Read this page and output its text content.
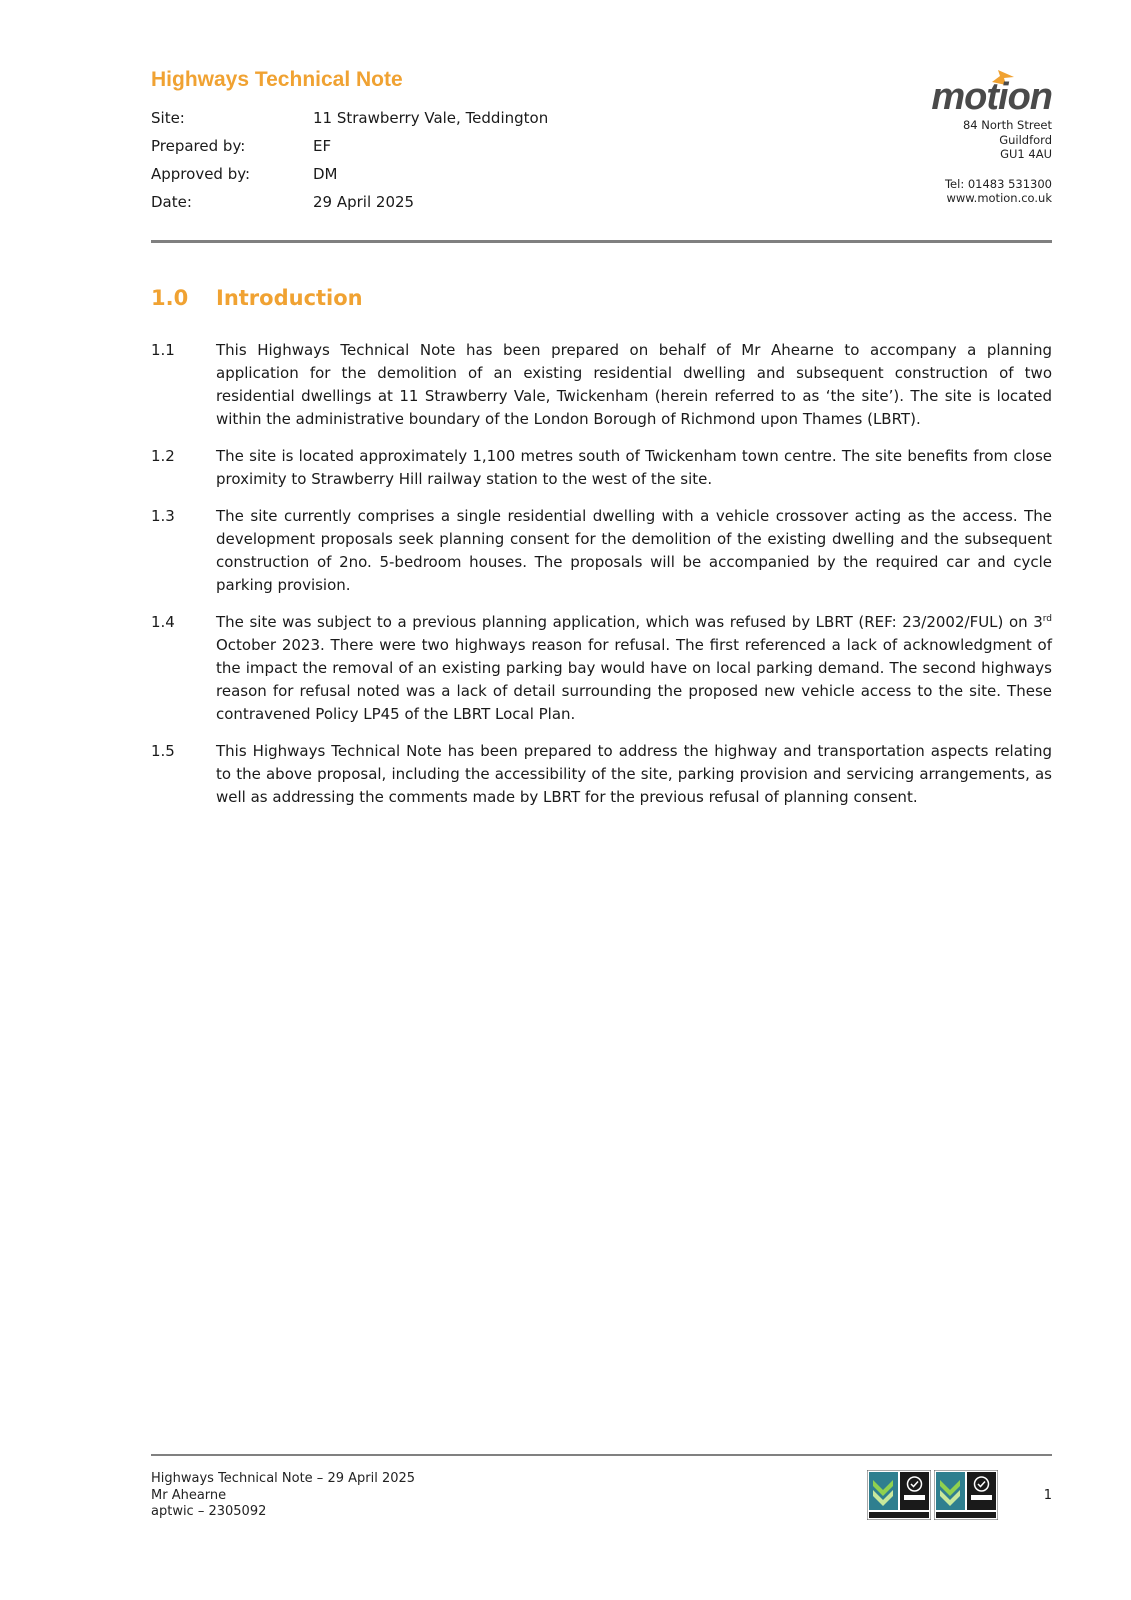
Highways Technical Note
Site:	11 Strawberry Vale, Teddington
Prepared by:	EF
Approved by:	DM
Date:	29 April 2025
motion
84 North Street
Guildford
GU1 4AU
Tel: 01483 531300
www.motion.co.uk
1.0	Introduction
1.1	This Highways Technical Note has been prepared on behalf of Mr Ahearne to accompany a planning application for the demolition of an existing residential dwelling and subsequent construction of two residential dwellings at 11 Strawberry Vale, Twickenham (herein referred to as ‘the site’). The site is located within the administrative boundary of the London Borough of Richmond upon Thames (LBRT).
1.2	The site is located approximately 1,100 metres south of Twickenham town centre. The site benefits from close proximity to Strawberry Hill railway station to the west of the site.
1.3	The site currently comprises a single residential dwelling with a vehicle crossover acting as the access. The development proposals seek planning consent for the demolition of the existing dwelling and the subsequent construction of 2no. 5-bedroom houses. The proposals will be accompanied by the required car and cycle parking provision.
1.4	The site was subject to a previous planning application, which was refused by LBRT (REF: 23/2002/FUL) on 3rd October 2023. There were two highways reason for refusal. The first referenced a lack of acknowledgment of the impact the removal of an existing parking bay would have on local parking demand. The second highways reason for refusal noted was a lack of detail surrounding the proposed new vehicle access to the site. These contravened Policy LP45 of the LBRT Local Plan.
1.5	This Highways Technical Note has been prepared to address the highway and transportation aspects relating to the above proposal, including the accessibility of the site, parking provision and servicing arrangements, as well as addressing the comments made by LBRT for the previous refusal of planning consent.
Highways Technical Note – 29 April 2025
Mr Ahearne
aptwic – 2305092
1
